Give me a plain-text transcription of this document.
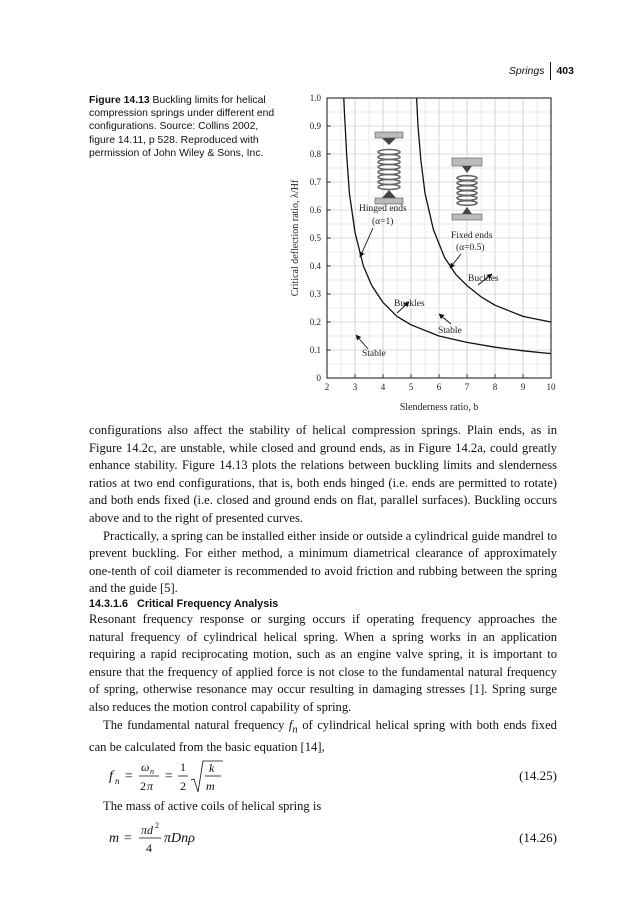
Springs 403
Figure 14.13 Buckling limits for helical compression springs under different end configurations. Source: Collins 2002, figure 14.11, p 528. Reproduced with permission of John Wiley & Sons, Inc.
2	3	4	5	6	7	8	9 10
0
0.1
0.2
0.3
0.4
0.5
0.6
0.7
0.8
0.9
1.0
Hinged ends
(α=1)
Fixed ends
(α=0.5)
Buckles
Buckles
Stable
Stable
Critical deflection ratio, λ/Hf
Slenderness ratio, b

configurations also affect the stability of helical compression springs. Plain ends, as in Figure 14.2c, are unstable, while closed and ground ends, as in Figure 14.2a, could greatly enhance stability. Figure 14.13 plots the relations between buckling limits and slenderness ratios at two end configurations, that is, both ends hinged (i.e. ends are permitted to rotate) and both ends fixed (i.e. closed and ground ends on flat, parallel surfaces). Buckling occurs above and to the right of presented curves.

Practically, a spring can be installed either inside or outside a cylindrical guide mandrel to prevent buckling. For either method, a minimum diametrical clearance of approximately one-tenth of coil diameter is recommended to avoid friction and rubbing between the spring and the guide [5].

14.3.1.6 Critical Frequency Analysis

Resonant frequency response or surging occurs if operating frequency approaches the natural frequency of cylindrical helical spring. When a spring works in an application requiring a rapid reciprocating motion, such as an engine valve spring, it is important to ensure that the frequency of applied force is not close to the fundamental natural frequency of spring, otherwise resonance may occur resulting in damaging stresses [1]. Spring surge also reduces the motion control capability of spring.

The fundamental natural frequency $f_n$ of cylindrical helical spring with both ends fixed can be calculated from the basic equation [14],

f n =
ω n
2 π
=
1
2
k
m
(14.25)

The mass of active coils of helical spring is

m =
πd 2
4
πDnρ	(14.26)
